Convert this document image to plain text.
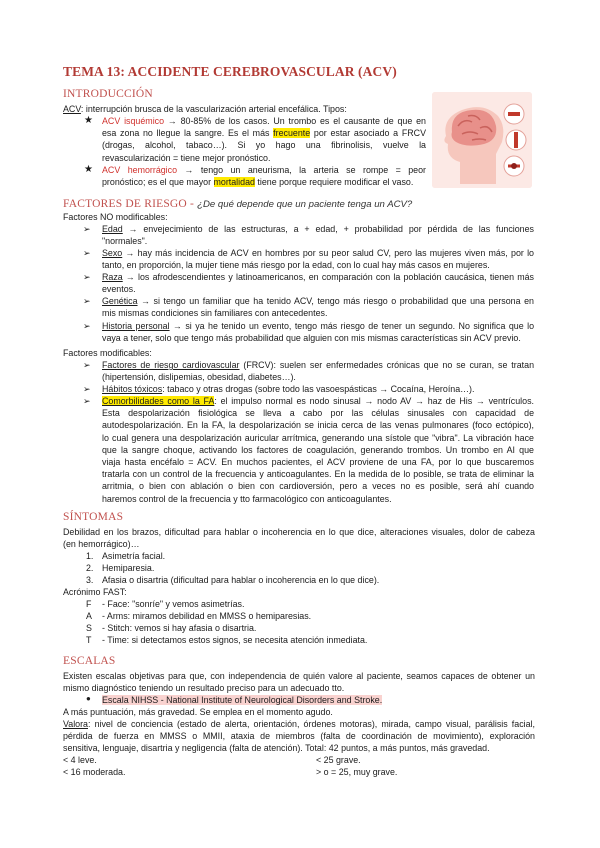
TEMA 13: ACCIDENTE CEREBROVASCULAR (ACV)
INTRODUCCIÓN
ACV: interrupción brusca de la vascularización arterial encefálica. Tipos:
★ ACV isquémico → 80-85% de los casos. Un trombo es el causante de que en
esa zona no llegue la sangre. Es el más frecuente por estar asociado a FRCV
(drogas, alcohol, tabaco…). Si yo hago una fibrinolisis, vuelve la
revascularización = tiene mejor pronóstico.
★ ACV hemorrágico → tengo un aneurisma, la arteria se rompe = peor
pronóstico; es el que mayor mortalidad tiene porque requiere modificar el vaso.
FACTORES DE RIESGO - ¿De qué depende que un paciente tenga un ACV?
Factores NO modificables:
➢ Edad → envejecimiento de las estructuras, a + edad, + probabilidad por pérdida de las funciones
"normales".
➢ Sexo → hay más incidencia de ACV en hombres por su peor salud CV, pero las mujeres viven más, por lo
tanto, en proporción, la mujer tiene más riesgo por la edad, con lo cual hay más casos en mujeres.
➢ Raza → los afrodescendientes y latinoamericanos, en comparación con la población caucásica, tienen más
eventos.
➢ Genética → si tengo un familiar que ha tenido ACV, tengo más riesgo o probabilidad que una persona en
mis mismas condiciones sin familiares con antecedentes.
➢ Historia personal → si ya he tenido un evento, tengo más riesgo de tener un segundo. No significa que lo
vaya a tener, solo que tengo más probabilidad que alguien con mis mismas características sin ACV previo.
Factores modificables:
➢ Factores de riesgo cardiovascular (FRCV): suelen ser enfermedades crónicas que no se curan, se tratan
(hipertensión, dislipemias, obesidad, diabetes…).
➢ Hábitos tóxicos: tabaco y otras drogas (sobre todo las vasoespásticas → Cocaína, Heroína…).
➢ Comorbilidades como la FA: el impulso normal es nodo sinusal → nodo AV → haz de His → ventrículos.
Esta despolarización fisiológica se lleva a cabo por las células sinusales con capacidad de
autodespolarización. En la FA, la despolarización se inicia cerca de las venas pulmonares (foco ectópico),
lo cual genera una despolarización auricular arrítmica, generando una sístole que "vibra". La vibración hace
que la sangre choque, activando los factores de coagulación, generando trombos. Un trombo en AI que
viaja hasta encéfalo = ACV. En muchos pacientes, el ACV proviene de una FA, por lo que buscaremos
tratarla con un control de la frecuencia y anticoagulantes. En la medida de lo posible, se trata de eliminar la
arritmia, o bien con ablación o bien con cardioversión, pero a veces no es posible, será ahí cuando
haremos control de la frecuencia y tto farmacológico con anticoagulantes.
SÍNTOMAS
Debilidad en los brazos, dificultad para hablar o incoherencia en lo que dice, alteraciones visuales, dolor de cabeza
(en hemorrágico)…
1. Asimetría facial.
2. Hemiparesia.
3. Afasia o disartria (dificultad para hablar o incoherencia en lo que dice).
Acrónimo FAST:
F - Face: "sonríe" y vemos asimetrías.
A - Arms: miramos debilidad en MMSS o hemiparesias.
S - Stitch: vemos si hay afasia o disartria.
T - Time: si detectamos estos signos, se necesita atención inmediata.
ESCALAS
Existen escalas objetivas para que, con independencia de quién valore al paciente, seamos capaces de obtener un
mismo diagnóstico teniendo un resultado preciso para un adecuado tto.
● Escala NIHSS - National Institute of Neurological Disorders and Stroke.
A más puntuación, más gravedad. Se emplea en el momento agudo.
Valora: nivel de conciencia (estado de alerta, orientación, órdenes motoras), mirada, campo visual, parálisis facial,
pérdida de fuerza en MMSS o MMII, ataxia de miembros (falta de coordinación de movimiento), exploración
sensitiva, lenguaje, disartria y negligencia (falta de atención). Total: 42 puntos, a más puntos, más gravedad.
< 4 leve.	< 25 grave.
< 16 moderada.	> o = 25, muy grave.
